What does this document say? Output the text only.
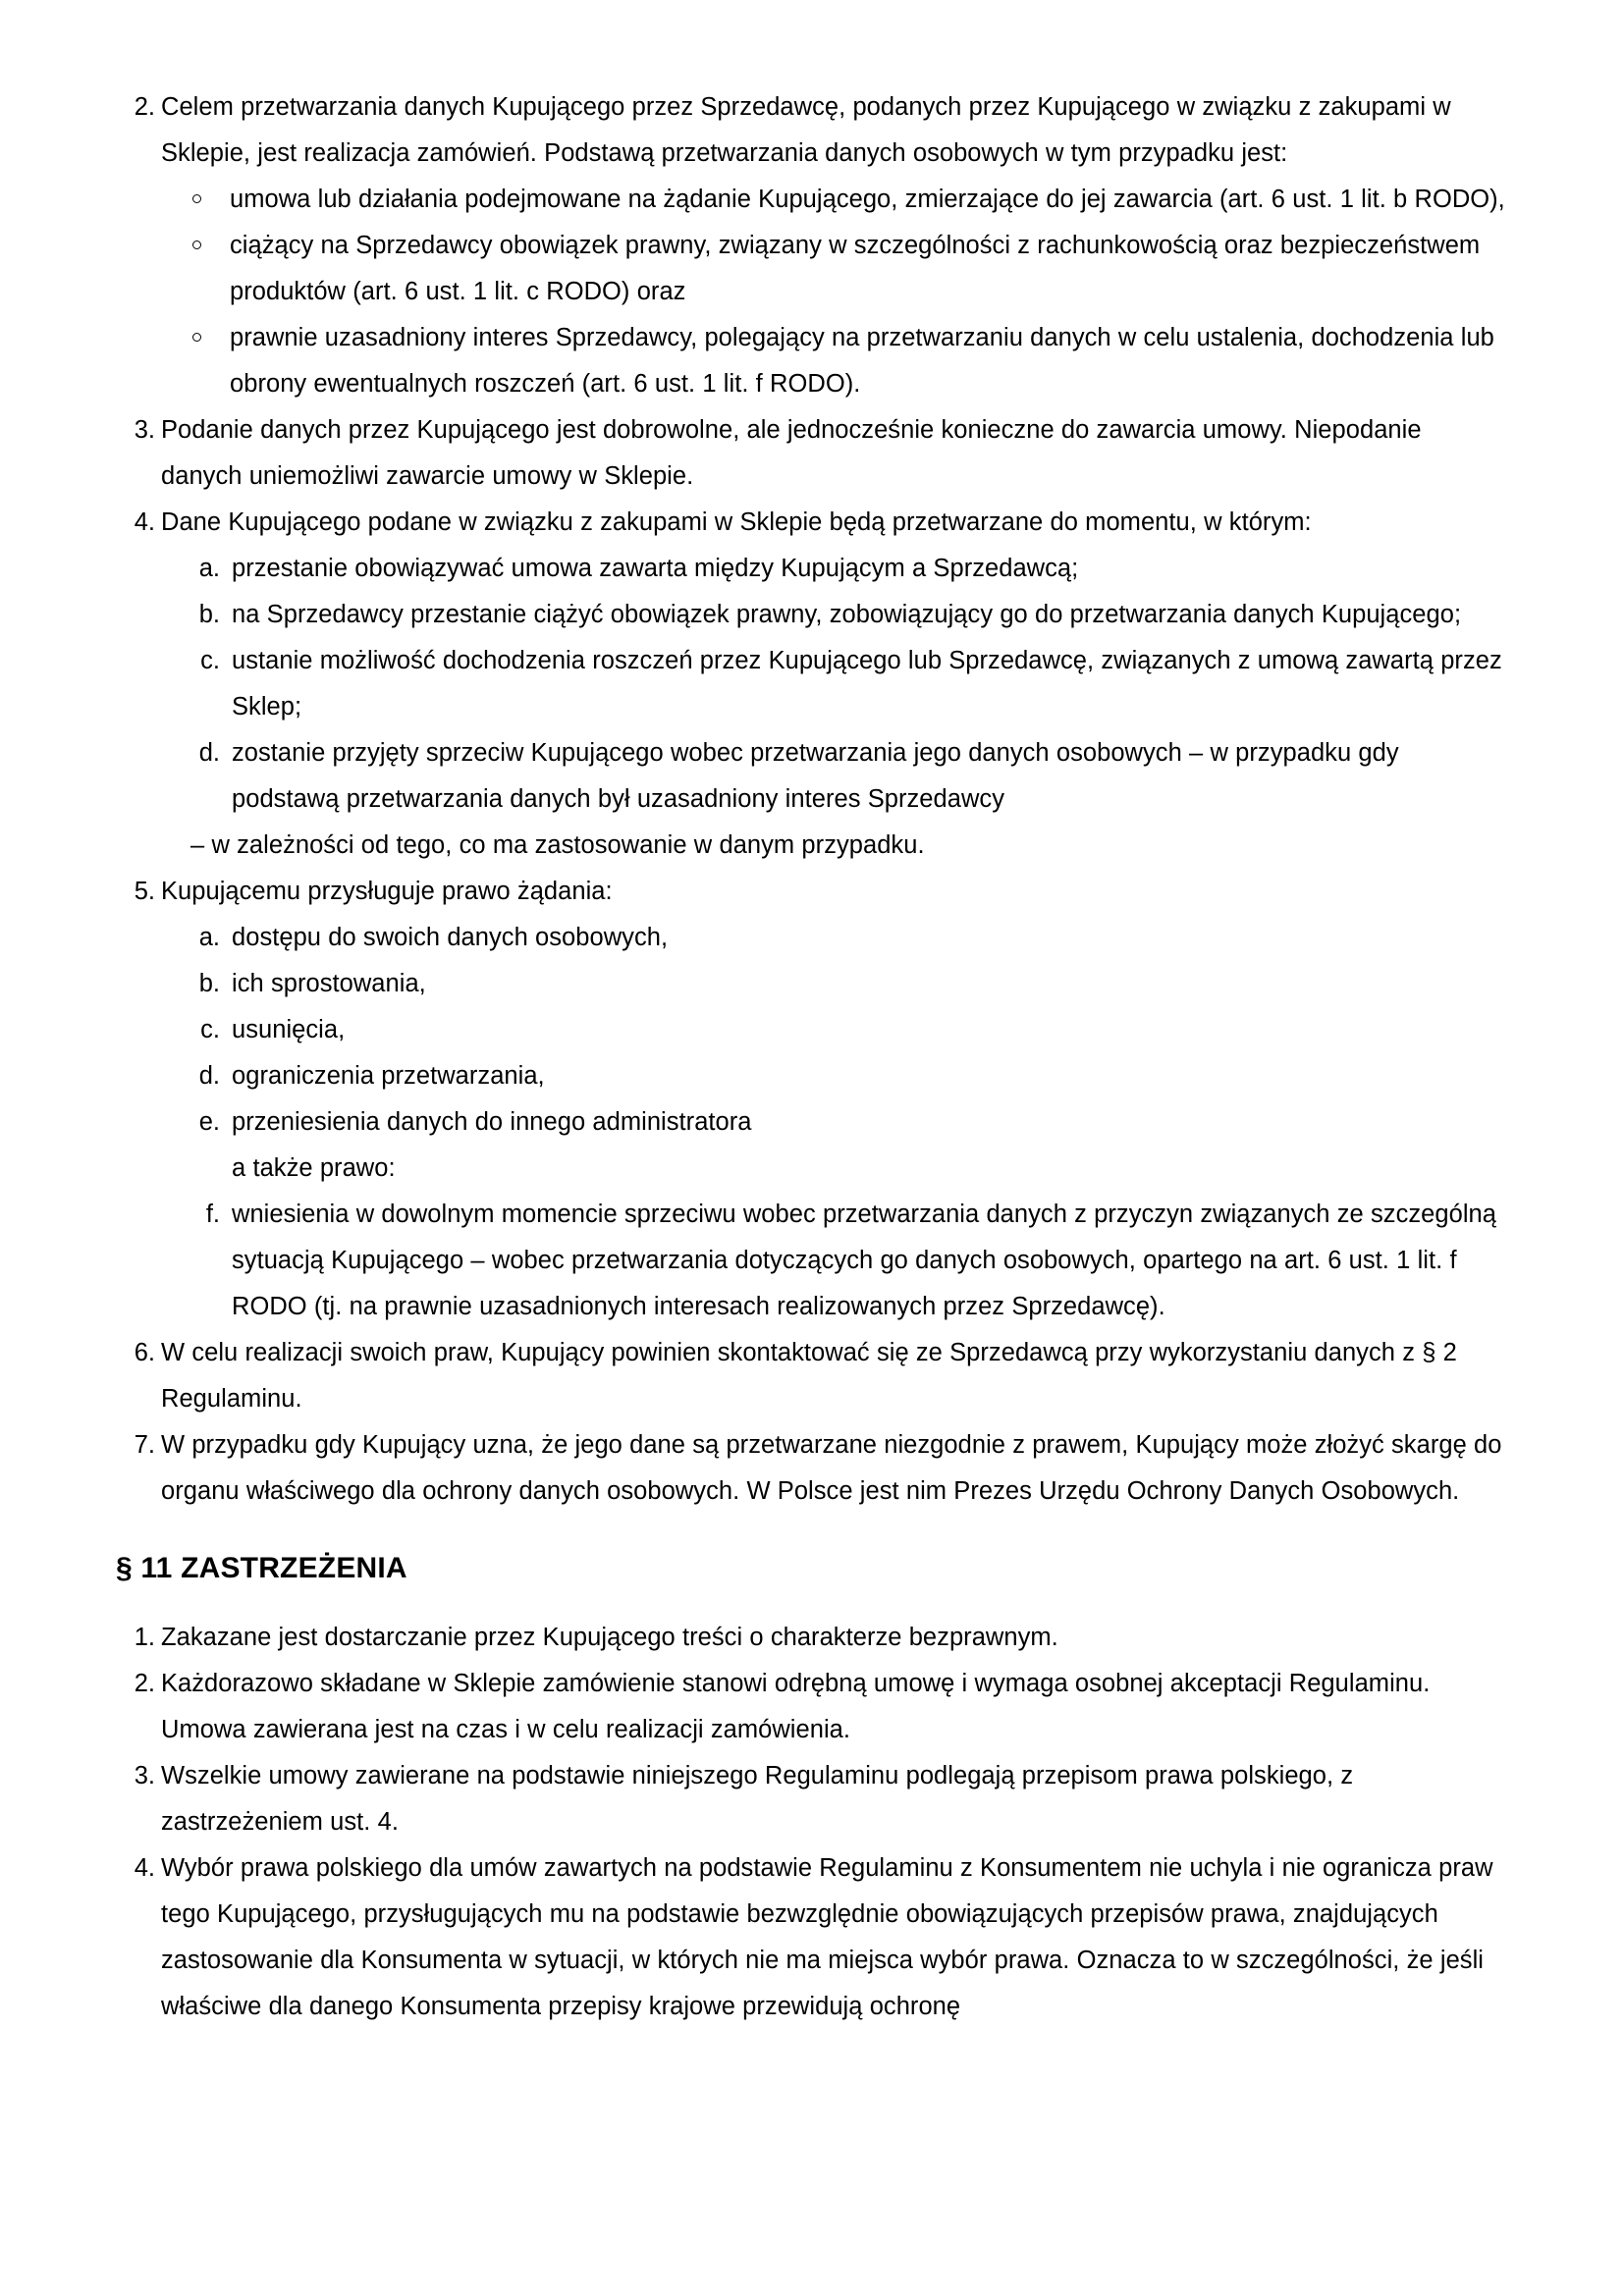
2. Celem przetwarzania danych Kupującego przez Sprzedawcę, podanych przez Kupującego w związku z zakupami w Sklepie, jest realizacja zamówień. Podstawą przetwarzania danych osobowych w tym przypadku jest:
umowa lub działania podejmowane na żądanie Kupującego, zmierzające do jej zawarcia (art. 6 ust. 1 lit. b RODO),
ciążący na Sprzedawcy obowiązek prawny, związany w szczególności z rachunkowością oraz bezpieczeństwem produktów (art. 6 ust. 1 lit. c RODO) oraz
prawnie uzasadniony interes Sprzedawcy, polegający na przetwarzaniu danych w celu ustalenia, dochodzenia lub obrony ewentualnych roszczeń (art. 6 ust. 1 lit. f RODO).
3. Podanie danych przez Kupującego jest dobrowolne, ale jednocześnie konieczne do zawarcia umowy. Niepodanie danych uniemożliwi zawarcie umowy w Sklepie.
4. Dane Kupującego podane w związku z zakupami w Sklepie będą przetwarzane do momentu, w którym:
a. przestanie obowiązywać umowa zawarta między Kupującym a Sprzedawcą;
b. na Sprzedawcy przestanie ciążyć obowiązek prawny, zobowiązujący go do przetwarzania danych Kupującego;
c. ustanie możliwość dochodzenia roszczeń przez Kupującego lub Sprzedawcę, związanych z umową zawartą przez Sklep;
d. zostanie przyjęty sprzeciw Kupującego wobec przetwarzania jego danych osobowych – w przypadku gdy podstawą przetwarzania danych był uzasadniony interes Sprzedawcy
– w zależności od tego, co ma zastosowanie w danym przypadku.
5. Kupującemu przysługuje prawo żądania:
a. dostępu do swoich danych osobowych,
b. ich sprostowania,
c. usunięcia,
d. ograniczenia przetwarzania,
e. przeniesienia danych do innego administratora
a także prawo:
f. wniesienia w dowolnym momencie sprzeciwu wobec przetwarzania danych z przyczyn związanych ze szczególną sytuacją Kupującego – wobec przetwarzania dotyczących go danych osobowych, opartego na art. 6 ust. 1 lit. f RODO (tj. na prawnie uzasadnionych interesach realizowanych przez Sprzedawcę).
6. W celu realizacji swoich praw, Kupujący powinien skontaktować się ze Sprzedawcą przy wykorzystaniu danych z § 2 Regulaminu.
7. W przypadku gdy Kupujący uzna, że jego dane są przetwarzane niezgodnie z prawem, Kupujący może złożyć skargę do organu właściwego dla ochrony danych osobowych. W Polsce jest nim Prezes Urzędu Ochrony Danych Osobowych.
§ 11 ZASTRZEŻENIA
1. Zakazane jest dostarczanie przez Kupującego treści o charakterze bezprawnym.
2. Każdorazowo składane w Sklepie zamówienie stanowi odrębną umowę i wymaga osobnej akceptacji Regulaminu. Umowa zawierana jest na czas i w celu realizacji zamówienia.
3. Wszelkie umowy zawierane na podstawie niniejszego Regulaminu podlegają przepisom prawa polskiego, z zastrzeżeniem ust. 4.
4. Wybór prawa polskiego dla umów zawartych na podstawie Regulaminu z Konsumentem nie uchyla i nie ogranicza praw tego Kupującego, przysługujących mu na podstawie bezwzględnie obowiązujących przepisów prawa, znajdujących zastosowanie dla Konsumenta w sytuacji, w których nie ma miejsca wybór prawa. Oznacza to w szczególności, że jeśli właściwe dla danego Konsumenta przepisy krajowe przewidują ochronę
